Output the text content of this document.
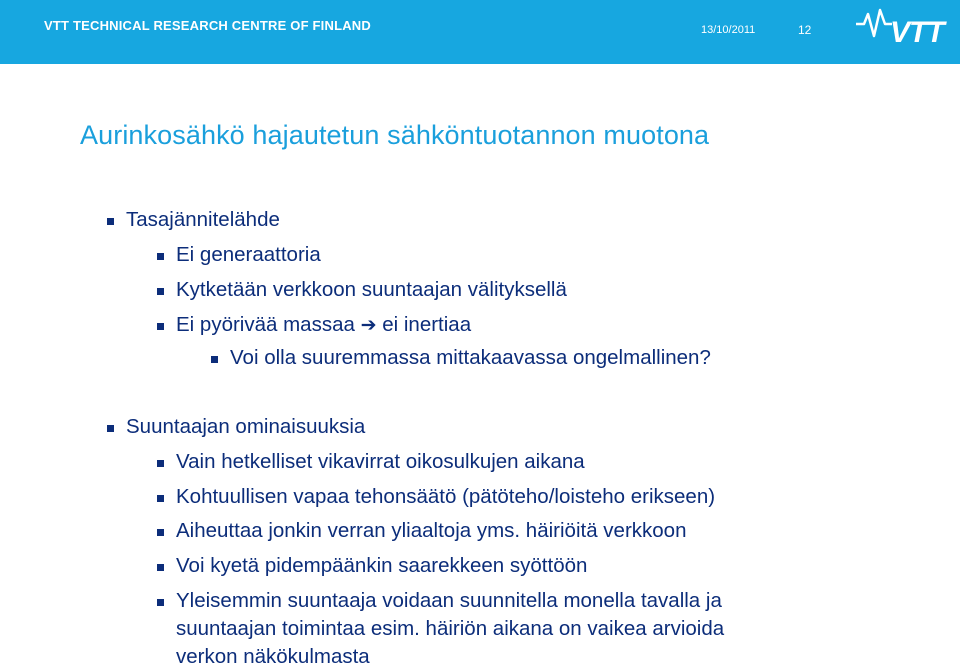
VTT TECHNICAL RESEARCH CENTRE OF FINLAND	13/10/2011	12	VTT
Aurinkosähkö hajautetun sähköntuotannon muotona
Tasajännitelähde
Ei generaattoria
Kytketään verkkoon suuntaajan välityksellä
Ei pyörivää massaa ➔ ei inertiaa
Voi olla suuremmassa mittakaavassa ongelmallinen?
Suuntaajan ominaisuuksia
Vain hetkelliset vikavirrat oikosulkujen aikana
Kohtuullisen vapaa tehonsäätö (pätöteho/loisteho erikseen)
Aiheuttaa jonkin verran yliaaltoja yms. häiriöitä verkkoon
Voi kyetä pidempäänkin saarekkeen syöttöön
Yleisemmin suuntaaja voidaan suunnitella monella tavalla ja
suuntaajan toimintaa esim. häiriön aikana on vaikea arvioida
verkon näkökulmasta
